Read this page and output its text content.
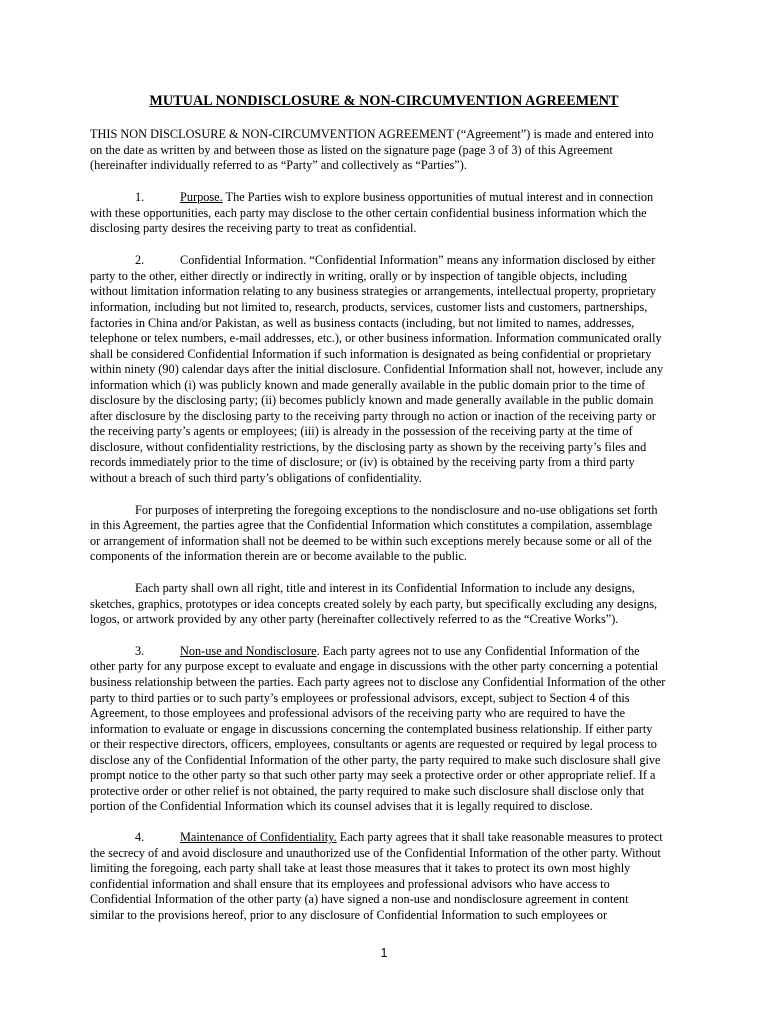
MUTUAL NONDISCLOSURE & NON-CIRCUMVENTION AGREEMENT
THIS NON DISCLOSURE & NON-CIRCUMVENTION AGREEMENT (“Agreement”) is made and entered into
on the date as written by and between those as listed on the signature page (page 3 of 3) of this Agreement
(hereinafter individually referred to as “Party” and collectively as “Parties”).
1.	Purpose. The Parties wish to explore business opportunities of mutual interest and in connection
with these opportunities, each party may disclose to the other certain confidential business information which the
disclosing party desires the receiving party to treat as confidential.
2.	Confidential Information. “Confidential Information” means any information disclosed by either
party to the other, either directly or indirectly in writing, orally or by inspection of tangible objects, including
without limitation information relating to any business strategies or arrangements, intellectual property, proprietary
information, including but not limited to, research, products, services, customer lists and customers, partnerships,
factories in China and/or Pakistan, as well as business contacts (including, but not limited to names, addresses,
telephone or telex numbers, e-mail addresses, etc.), or other business information. Information communicated orally
shall be considered Confidential Information if such information is designated as being confidential or proprietary
within ninety (90) calendar days after the initial disclosure. Confidential Information shall not, however, include any
information which (i) was publicly known and made generally available in the public domain prior to the time of
disclosure by the disclosing party; (ii) becomes publicly known and made generally available in the public domain
after disclosure by the disclosing party to the receiving party through no action or inaction of the receiving party or
the receiving party’s agents or employees; (iii) is already in the possession of the receiving party at the time of
disclosure, without confidentiality restrictions, by the disclosing party as shown by the receiving party’s files and
records immediately prior to the time of disclosure; or (iv) is obtained by the receiving party from a third party
without a breach of such third party’s obligations of confidentiality.
For purposes of interpreting the foregoing exceptions to the nondisclosure and no-use obligations set forth
in this Agreement, the parties agree that the Confidential Information which constitutes a compilation, assemblage
or arrangement of information shall not be deemed to be within such exceptions merely because some or all of the
components of the information therein are or become available to the public.
Each party shall own all right, title and interest in its Confidential Information to include any designs,
sketches, graphics, prototypes or idea concepts created solely by each party, but specifically excluding any designs,
logos, or artwork provided by any other party (hereinafter collectively referred to as the “Creative Works”).
3.	Non-use and Nondisclosure. Each party agrees not to use any Confidential Information of the
other party for any purpose except to evaluate and engage in discussions with the other party concerning a potential
business relationship between the parties. Each party agrees not to disclose any Confidential Information of the other
party to third parties or to such party’s employees or professional advisors, except, subject to Section 4 of this
Agreement, to those employees and professional advisors of the receiving party who are required to have the
information to evaluate or engage in discussions concerning the contemplated business relationship. If either party
or their respective directors, officers, employees, consultants or agents are requested or required by legal process to
disclose any of the Confidential Information of the other party, the party required to make such disclosure shall give
prompt notice to the other party so that such other party may seek a protective order or other appropriate relief. If a
protective order or other relief is not obtained, the party required to make such disclosure shall disclose only that
portion of the Confidential Information which its counsel advises that it is legally required to disclose.
4.	Maintenance of Confidentiality. Each party agrees that it shall take reasonable measures to protect
the secrecy of and avoid disclosure and unauthorized use of the Confidential Information of the other party. Without
limiting the foregoing, each party shall take at least those measures that it takes to protect its own most highly
confidential information and shall ensure that its employees and professional advisors who have access to
Confidential Information of the other party (a) have signed a non-use and nondisclosure agreement in content
similar to the provisions hereof, prior to any disclosure of Confidential Information to such employees or
1
